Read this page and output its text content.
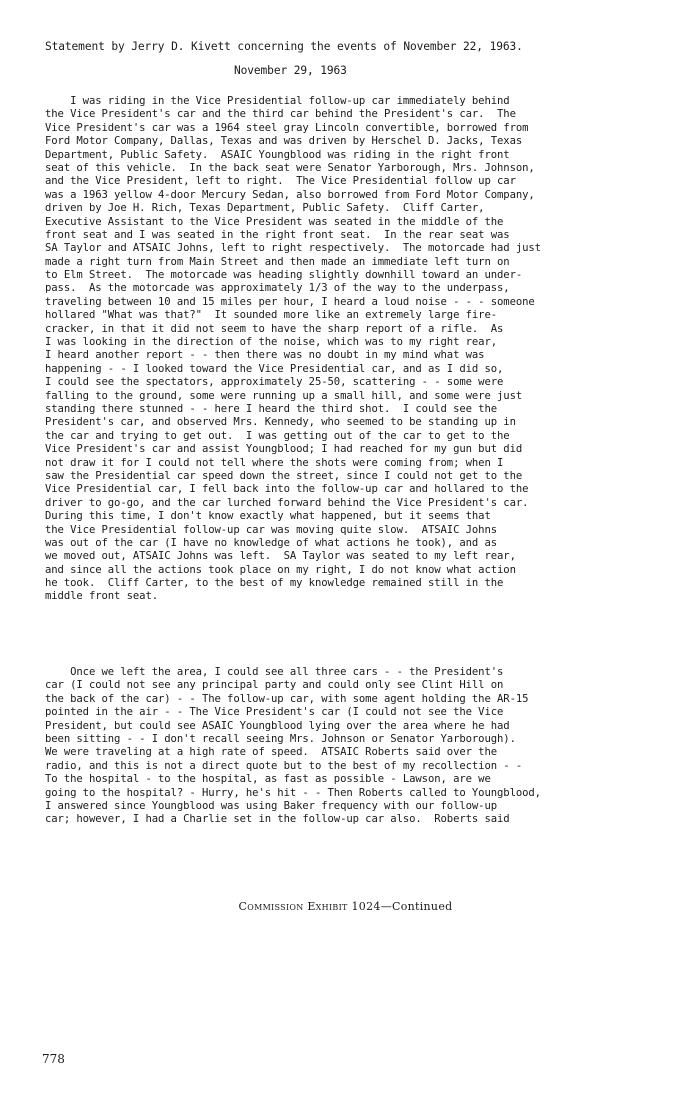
Statement by Jerry D. Kivett concerning the events of November 22, 1963.
November 29, 1963
I was riding in the Vice Presidential follow-up car immediately behind
the Vice President's car and the third car behind the President's car.  The
Vice President's car was a 1964 steel gray Lincoln convertible, borrowed from
Ford Motor Company, Dallas, Texas and was driven by Herschel D. Jacks, Texas
Department, Public Safety.  ASAIC Youngblood was riding in the right front
seat of this vehicle.  In the back seat were Senator Yarborough, Mrs. Johnson,
and the Vice President, left to right.  The Vice Presidential follow up car
was a 1963 yellow 4-door Mercury Sedan, also borrowed from Ford Motor Company,
driven by Joe H. Rich, Texas Department, Public Safety.  Cliff Carter,
Executive Assistant to the Vice President was seated in the middle of the
front seat and I was seated in the right front seat.  In the rear seat was
SA Taylor and ATSAIC Johns, left to right respectively.  The motorcade had just
made a right turn from Main Street and then made an immediate left turn on
to Elm Street.  The motorcade was heading slightly downhill toward an under-
pass.  As the motorcade was approximately 1/3 of the way to the underpass,
traveling between 10 and 15 miles per hour, I heard a loud noise - - - someone
hollared "What was that?"  It sounded more like an extremely large fire-
cracker, in that it did not seem to have the sharp report of a rifle.  As
I was looking in the direction of the noise, which was to my right rear,
I heard another report - - then there was no doubt in my mind what was
happening - - I looked toward the Vice Presidential car, and as I did so,
I could see the spectators, approximately 25-50, scattering - - some were
falling to the ground, some were running up a small hill, and some were just
standing there stunned - - here I heard the third shot.  I could see the
President's car, and observed Mrs. Kennedy, who seemed to be standing up in
the car and trying to get out.  I was getting out of the car to get to the
Vice President's car and assist Youngblood; I had reached for my gun but did
not draw it for I could not tell where the shots were coming from; when I
saw the Presidential car speed down the street, since I could not get to the
Vice Presidential car, I fell back into the follow-up car and hollared to the
driver to go-go, and the car lurched forward behind the Vice President's car.
During this time, I don't know exactly what happened, but it seems that
the Vice Presidential follow-up car was moving quite slow.  ATSAIC Johns
was out of the car (I have no knowledge of what actions he took), and as
we moved out, ATSAIC Johns was left.  SA Taylor was seated to my left rear,
and since all the actions took place on my right, I do not know what action
he took.  Cliff Carter, to the best of my knowledge remained still in the
middle front seat.
Once we left the area, I could see all three cars - - the President's
car (I could not see any principal party and could only see Clint Hill on
the back of the car) - - The follow-up car, with some agent holding the AR-15
pointed in the air - - The Vice President's car (I could not see the Vice
President, but could see ASAIC Youngblood lying over the area where he had
been sitting - - I don't recall seeing Mrs. Johnson or Senator Yarborough).
We were traveling at a high rate of speed.  ATSAIC Roberts said over the
radio, and this is not a direct quote but to the best of my recollection - -
To the hospital - to the hospital, as fast as possible - Lawson, are we
going to the hospital? - Hurry, he's hit - - Then Roberts called to Youngblood,
I answered since Youngblood was using Baker frequency with our follow-up
car; however, I had a Charlie set in the follow-up car also.  Roberts said
Commission Exhibit 1024—Continued
778
